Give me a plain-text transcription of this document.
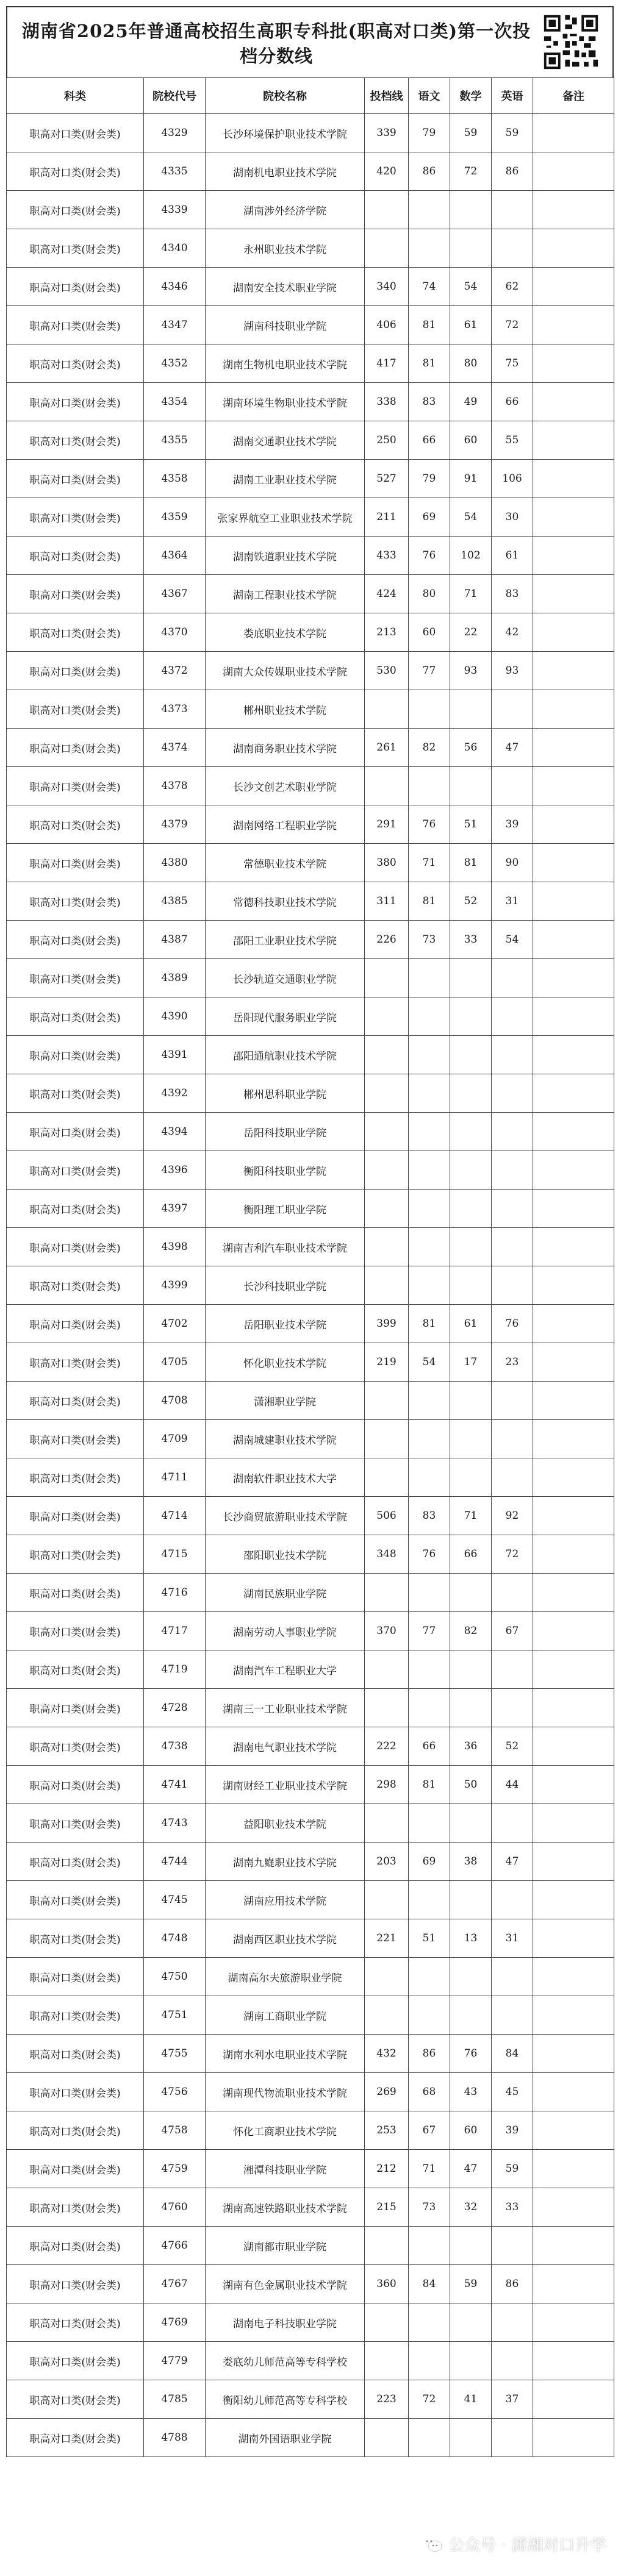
湖南省2025年普通高校招生高职专科批(职高对口类)第一次投档分数线
科类	院校代号	院校名称	投档线	语文	数学	英语	备注
职高对口类(财会类)	4329	长沙环境保护职业技术学院	339	79	59	59	
职高对口类(财会类)	4335	湖南机电职业技术学院	420	86	72	86	
职高对口类(财会类)	4339	湖南涉外经济学院					
职高对口类(财会类)	4340	永州职业技术学院					
职高对口类(财会类)	4346	湖南安全技术职业学院	340	74	54	62	
职高对口类(财会类)	4347	湖南科技职业学院	406	81	61	72	
职高对口类(财会类)	4352	湖南生物机电职业技术学院	417	81	80	75	
职高对口类(财会类)	4354	湖南环境生物职业技术学院	338	83	49	66	
职高对口类(财会类)	4355	湖南交通职业技术学院	250	66	60	55	
职高对口类(财会类)	4358	湖南工业职业技术学院	527	79	91	106	
职高对口类(财会类)	4359	张家界航空工业职业技术学院	211	69	54	30	
职高对口类(财会类)	4364	湖南铁道职业技术学院	433	76	102	61	
职高对口类(财会类)	4367	湖南工程职业技术学院	424	80	71	83	
职高对口类(财会类)	4370	娄底职业技术学院	213	60	22	42	
职高对口类(财会类)	4372	湖南大众传媒职业技术学院	530	77	93	93	
职高对口类(财会类)	4373	郴州职业技术学院					
职高对口类(财会类)	4374	湖南商务职业技术学院	261	82	56	47	
职高对口类(财会类)	4378	长沙文创艺术职业学院					
职高对口类(财会类)	4379	湖南网络工程职业学院	291	76	51	39	
职高对口类(财会类)	4380	常德职业技术学院	380	71	81	90	
职高对口类(财会类)	4385	常德科技职业技术学院	311	81	52	31	
职高对口类(财会类)	4387	邵阳工业职业技术学院	226	73	33	54	
职高对口类(财会类)	4389	长沙轨道交通职业学院					
职高对口类(财会类)	4390	岳阳现代服务职业学院					
职高对口类(财会类)	4391	邵阳通航职业技术学院					
职高对口类(财会类)	4392	郴州思科职业学院					
职高对口类(财会类)	4394	岳阳科技职业学院					
职高对口类(财会类)	4396	衡阳科技职业学院					
职高对口类(财会类)	4397	衡阳理工职业学院					
职高对口类(财会类)	4398	湖南吉利汽车职业技术学院					
职高对口类(财会类)	4399	长沙科技职业学院					
职高对口类(财会类)	4702	岳阳职业技术学院	399	81	61	76	
职高对口类(财会类)	4705	怀化职业技术学院	219	54	17	23	
职高对口类(财会类)	4708	潇湘职业学院					
职高对口类(财会类)	4709	湖南城建职业技术学院					
职高对口类(财会类)	4711	湖南软件职业技术大学					
职高对口类(财会类)	4714	长沙商贸旅游职业技术学院	506	83	71	92	
职高对口类(财会类)	4715	邵阳职业技术学院	348	76	66	72	
职高对口类(财会类)	4716	湖南民族职业学院					
职高对口类(财会类)	4717	湖南劳动人事职业学院	370	77	82	67	
职高对口类(财会类)	4719	湖南汽车工程职业大学					
职高对口类(财会类)	4728	湖南三一工业职业技术学院					
职高对口类(财会类)	4738	湖南电气职业技术学院	222	66	36	52	
职高对口类(财会类)	4741	湖南财经工业职业技术学院	298	81	50	44	
职高对口类(财会类)	4743	益阳职业技术学院					
职高对口类(财会类)	4744	湖南九嶷职业技术学院	203	69	38	47	
职高对口类(财会类)	4745	湖南应用技术学院					
职高对口类(财会类)	4748	湖南西区职业技术学院	221	51	13	31	
职高对口类(财会类)	4750	湖南高尔夫旅游职业学院					
职高对口类(财会类)	4751	湖南工商职业学院					
职高对口类(财会类)	4755	湖南水利水电职业技术学院	432	86	76	84	
职高对口类(财会类)	4756	湖南现代物流职业技术学院	269	68	43	45	
职高对口类(财会类)	4758	怀化工商职业技术学院	253	67	60	39	
职高对口类(财会类)	4759	湘潭科技职业学院	212	71	47	59	
职高对口类(财会类)	4760	湖南高速铁路职业技术学院	215	73	32	33	
职高对口类(财会类)	4766	湖南都市职业学院					
职高对口类(财会类)	4767	湖南有色金属职业技术学院	360	84	59	86	
职高对口类(财会类)	4769	湖南电子科技职业学院					
职高对口类(财会类)	4779	娄底幼儿师范高等专科学校					
职高对口类(财会类)	4785	衡阳幼儿师范高等专科学校	223	72	41	37	
职高对口类(财会类)	4788	湖南外国语职业学院					
公众号 · 潇湘对口升学
